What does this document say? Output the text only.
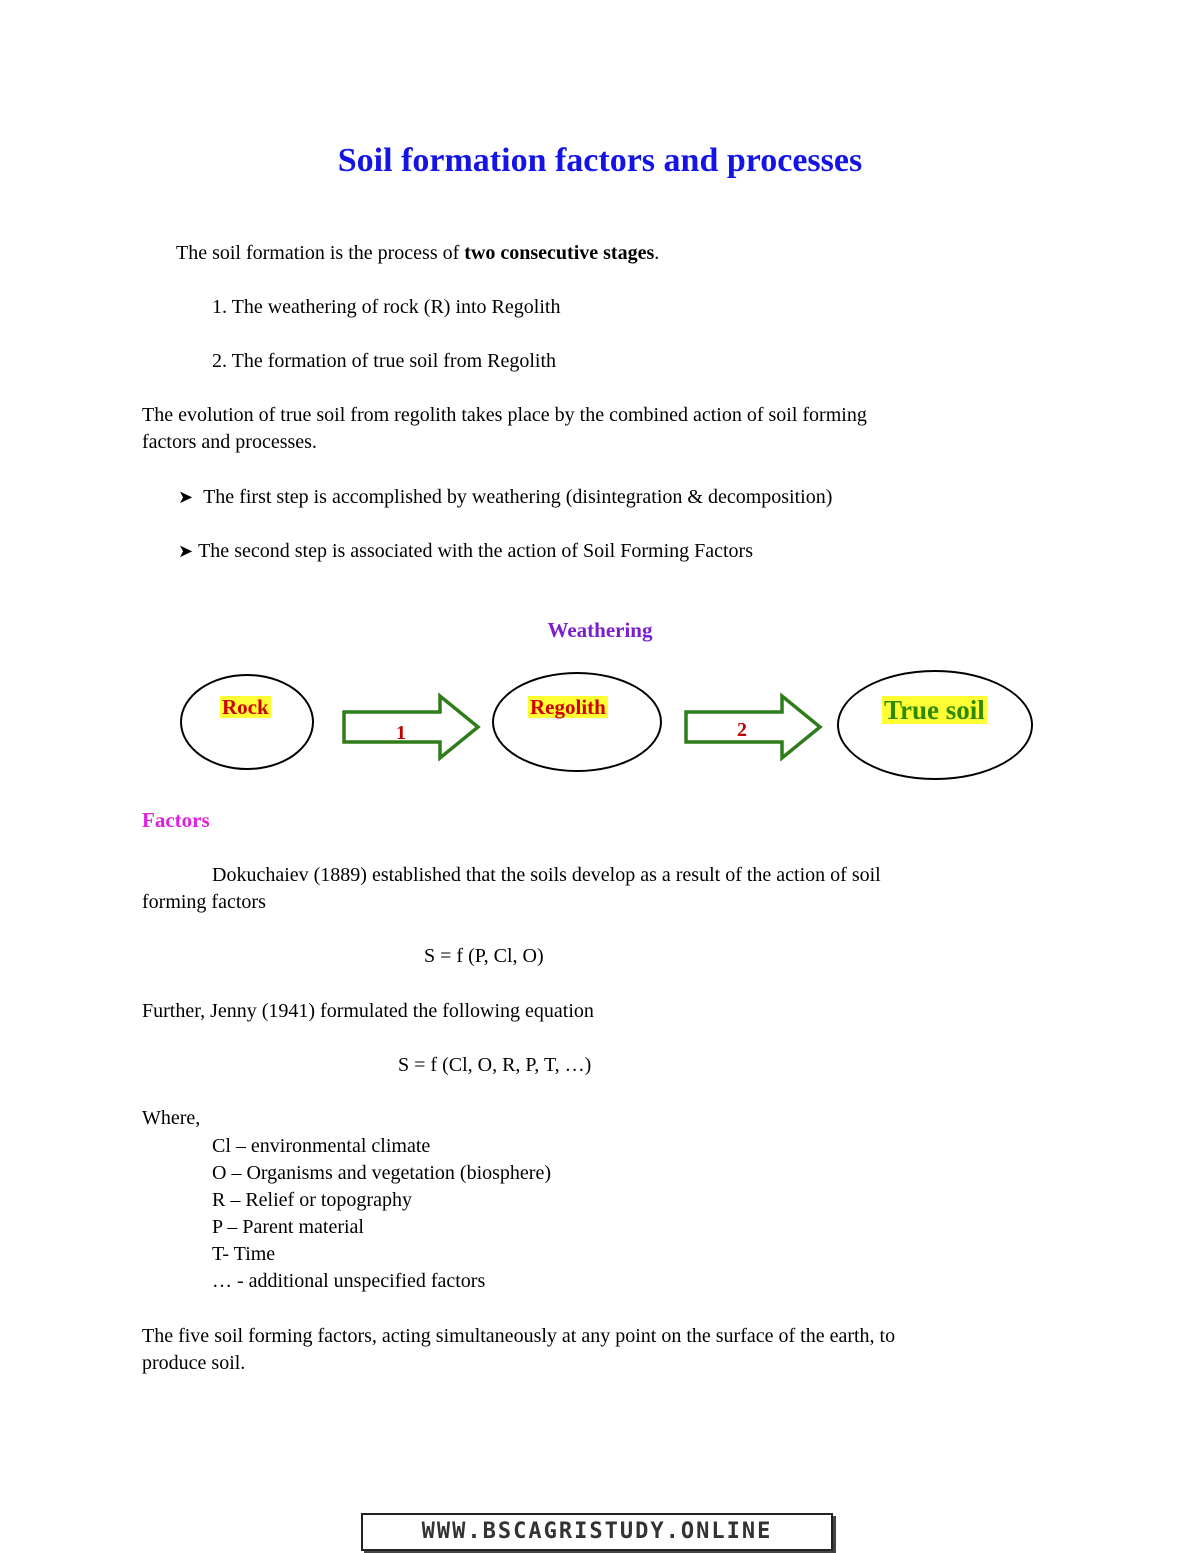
Soil formation factors and processes
The soil formation is the process of two consecutive stages.
1. The weathering of rock (R) into Regolith
2. The formation of true soil from Regolith
The evolution of true soil from regolith takes place by the combined action of soil forming
factors and processes.
➤ The first step is accomplished by weathering (disintegration & decomposition)
➤ The second step is associated with the action of Soil Forming Factors
Weathering
Rock
1
Regolith
2
True soil
Factors
Dokuchaiev (1889) established that the soils develop as a result of the action of soil
forming factors
S = f (P, Cl, O)
Further, Jenny (1941) formulated the following equation
S = f (Cl, O, R, P, T, …)
Where,
Cl – environmental climate
O – Organisms and vegetation (biosphere)
R – Relief or topography
P – Parent material
T- Time
… - additional unspecified factors
The five soil forming factors, acting simultaneously at any point on the surface of the earth, to
produce soil.
WWW.BSCAGRISTUDY.ONLINE
